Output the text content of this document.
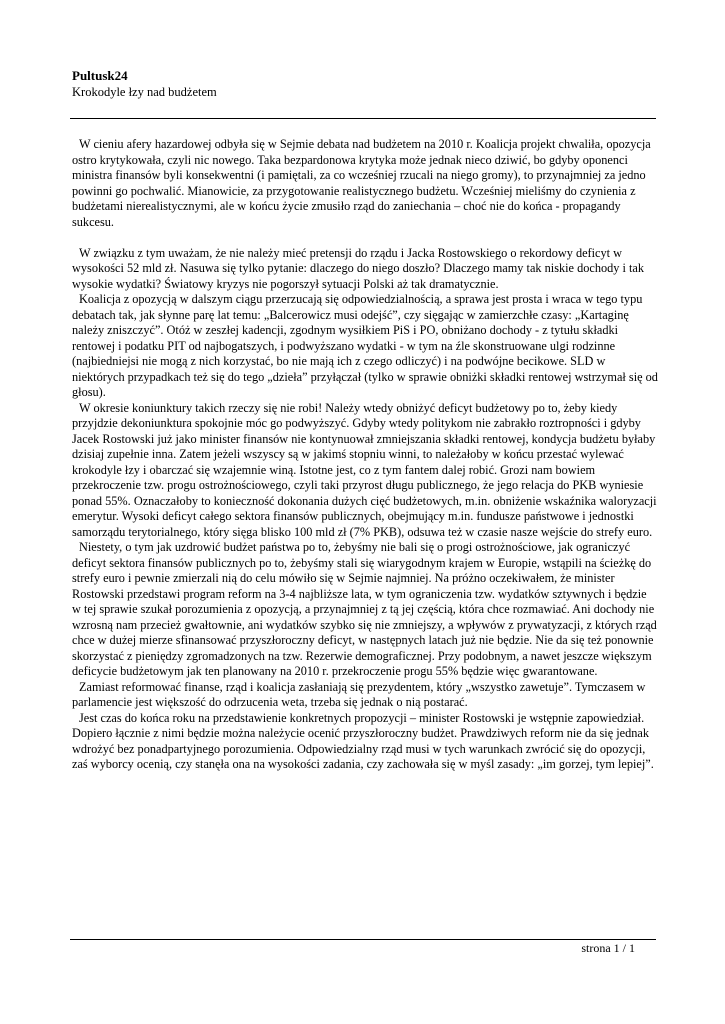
Pultusk24
Krokodyle łzy nad budżetem

W cieniu afery hazardowej odbyła się w Sejmie debata nad budżetem na 2010 r. Koalicja projekt chwaliła, opozycja ostro krytykowała, czyli nic nowego. Taka bezpardonowa krytyka może jednak nieco dziwić, bo gdyby oponenci ministra finansów byli konsekwentni (i pamiętali, za co wcześniej rzucali na niego gromy), to przynajmniej za jedno powinni go pochwalić. Mianowicie, za przygotowanie realistycznego budżetu. Wcześniej mieliśmy do czynienia z budżetami nierealistycznymi, ale w końcu życie zmusiło rząd do zaniechania – choć nie do końca - propagandy sukcesu.

W związku z tym uważam, że nie należy mieć pretensji do rządu i Jacka Rostowskiego o rekordowy deficyt w wysokości 52 mld zł. Nasuwa się tylko pytanie: dlaczego do niego doszło? Dlaczego mamy tak niskie dochody i tak wysokie wydatki? Światowy kryzys nie pogorszył sytuacji Polski aż tak dramatycznie.

Koalicja z opozycją w dalszym ciągu przerzucają się odpowiedzialnością, a sprawa jest prosta i wraca w tego typu debatach tak, jak słynne parę lat temu: „Balcerowicz musi odejść”, czy sięgając w zamierzchłe czasy: „Kartaginę należy zniszczyć”. Otóż w zeszłej kadencji, zgodnym wysiłkiem PiS i PO, obniżano dochody - z tytułu składki rentowej i podatku PIT od najbogatszych, i podwyższano wydatki - w tym na źle skonstruowane ulgi rodzinne (najbiedniejsi nie mogą z nich korzystać, bo nie mają ich z czego odliczyć) i na podwójne becikowe. SLD w niektórych przypadkach też się do tego „dzieła” przyłączał (tylko w sprawie obniżki składki rentowej wstrzymał się od głosu).

W okresie koniunktury takich rzeczy się nie robi! Należy wtedy obniżyć deficyt budżetowy po to, żeby kiedy przyjdzie dekoniunktura spokojnie móc go podwyższyć. Gdyby wtedy politykom nie zabrakło roztropności i gdyby Jacek Rostowski już jako minister finansów nie kontynuował zmniejszania składki rentowej, kondycja budżetu byłaby dzisiaj zupełnie inna. Zatem jeżeli wszyscy są w jakimś stopniu winni, to należałoby w końcu przestać wylewać krokodyle łzy i obarczać się wzajemnie winą. Istotne jest, co z tym fantem dalej robić. Grozi nam bowiem przekroczenie tzw. progu ostrożnościowego, czyli taki przyrost długu publicznego, że jego relacja do PKB wyniesie ponad 55%. Oznaczałoby to konieczność dokonania dużych cięć budżetowych, m.in. obniżenie wskaźnika waloryzacji emerytur. Wysoki deficyt całego sektora finansów publicznych, obejmujący m.in. fundusze państwowe i jednostki samorządu terytorialnego, który sięga blisko 100 mld zł (7% PKB), odsuwa też w czasie nasze wejście do strefy euro.

Niestety, o tym jak uzdrowić budżet państwa po to, żebyśmy nie bali się o progi ostrożnościowe, jak ograniczyć deficyt sektora finansów publicznych po to, żebyśmy stali się wiarygodnym krajem w Europie, wstąpili na ścieżkę do strefy euro i pewnie zmierzali nią do celu mówiło się w Sejmie najmniej. Na próżno oczekiwałem, że minister Rostowski przedstawi program reform na 3-4 najbliższe lata, w tym ograniczenia tzw. wydatków sztywnych i będzie w tej sprawie szukał porozumienia z opozycją, a przynajmniej z tą jej częścią, która chce rozmawiać. Ani dochody nie wzrosną nam przecież gwałtownie, ani wydatków szybko się nie zmniejszy, a wpływów z prywatyzacji, z których rząd chce w dużej mierze sfinansować przyszłoroczny deficyt, w następnych latach już nie będzie. Nie da się też ponownie skorzystać z pieniędzy zgromadzonych na tzw. Rezerwie demograficznej. Przy podobnym, a nawet jeszcze większym deficycie budżetowym jak ten planowany na 2010 r. przekroczenie progu 55% będzie więc gwarantowane.

Zamiast reformować finanse, rząd i koalicja zasłaniają się prezydentem, który „wszystko zawetuje”. Tymczasem w parlamencie jest większość do odrzucenia weta, trzeba się jednak o nią postarać.

Jest czas do końca roku na przedstawienie konkretnych propozycji – minister Rostowski je wstępnie zapowiedział. Dopiero łącznie z nimi będzie można należycie ocenić przyszłoroczny budżet. Prawdziwych reform nie da się jednak wdrożyć bez ponadpartyjnego porozumienia. Odpowiedzialny rząd musi w tych warunkach zwrócić się do opozycji, zaś wyborcy ocenią, czy stanęła ona na wysokości zadania, czy zachowała się w myśl zasady: „im gorzej, tym lepiej”.

strona 1 / 1
